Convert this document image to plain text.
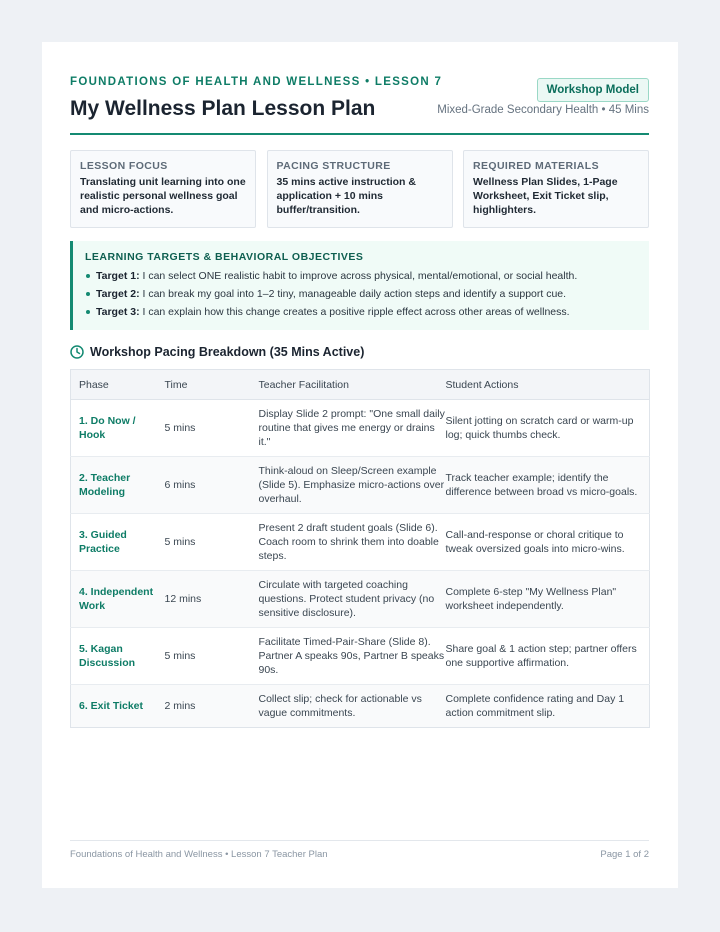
FOUNDATIONS OF HEALTH AND WELLNESS • LESSON 7
My Wellness Plan Lesson Plan
Workshop Model
Mixed-Grade Secondary Health • 45 Mins
LESSON FOCUS
Translating unit learning into one realistic personal wellness goal and micro-actions.
PACING STRUCTURE
35 mins active instruction & application + 10 mins buffer/transition.
REQUIRED MATERIALS
Wellness Plan Slides, 1-Page Worksheet, Exit Ticket slip, highlighters.
LEARNING TARGETS & BEHAVIORAL OBJECTIVES
Target 1: I can select ONE realistic habit to improve across physical, mental/emotional, or social health.
Target 2: I can break my goal into 1–2 tiny, manageable daily action steps and identify a support cue.
Target 3: I can explain how this change creates a positive ripple effect across other areas of wellness.
Workshop Pacing Breakdown (35 Mins Active)
Phase	Time	Teacher Facilitation	Student Actions
1. Do Now / Hook	5 mins	Display Slide 2 prompt: "One small daily routine that gives me energy or drains it."	Silent jotting on scratch card or warm-up log; quick thumbs check.
2. Teacher Modeling	6 mins	Think-aloud on Sleep/Screen example (Slide 5). Emphasize micro-actions over overhaul.	Track teacher example; identify the difference between broad vs micro-goals.
3. Guided Practice	5 mins	Present 2 draft student goals (Slide 6). Coach room to shrink them into doable steps.	Call-and-response or choral critique to tweak oversized goals into micro-wins.
4. Independent Work	12 mins	Circulate with targeted coaching questions. Protect student privacy (no sensitive disclosure).	Complete 6-step "My Wellness Plan" worksheet independently.
5. Kagan Discussion	5 mins	Facilitate Timed-Pair-Share (Slide 8). Partner A speaks 90s, Partner B speaks 90s.	Share goal & 1 action step; partner offers one supportive affirmation.
6. Exit Ticket	2 mins	Collect slip; check for actionable vs vague commitments.	Complete confidence rating and Day 1 action commitment slip.
Foundations of Health and Wellness • Lesson 7 Teacher Plan	Page 1 of 2
